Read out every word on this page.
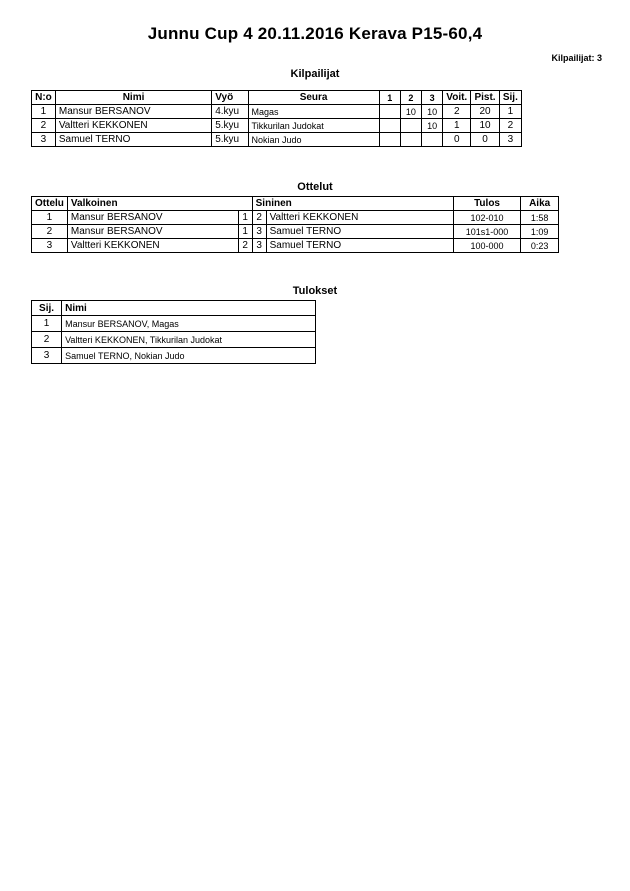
Junnu Cup 4 20.11.2016 Kerava P15-60,4
Kilpailijat: 3
Kilpailijat
N:o	Nimi	Vyö	Seura	1	2	3	Voit.	Pist.	Sij.
1	Mansur BERSANOV	4.kyu	Magas		10	10	2	20	1
2	Valtteri KEKKONEN	5.kyu	Tikkurilan Judokat			10	1	10	2
3	Samuel TERNO	5.kyu	Nokian Judo				0	0	3
Ottelut
Ottelu	Valkoinen		Sininen		Tulos	Aika
1	Mansur BERSANOV	1	2	Valtteri KEKKONEN	102-010	1:58
2	Mansur BERSANOV	1	3	Samuel TERNO	101s1-000	1:09
3	Valtteri KEKKONEN	2	3	Samuel TERNO	100-000	0:23
Tulokset
Sij.	Nimi
1	Mansur BERSANOV, Magas
2	Valtteri KEKKONEN, Tikkurilan Judokat
3	Samuel TERNO, Nokian Judo
